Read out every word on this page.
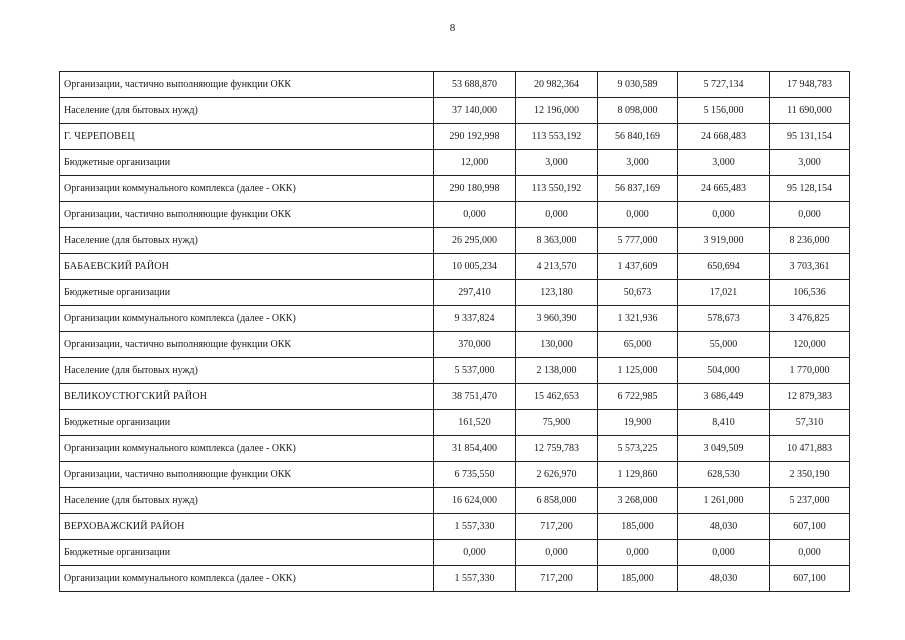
8
Организации, частично выполняющие функции ОКК	53 688,870	20 982,364	9 030,589	5 727,134	17 948,783
Население (для бытовых нужд)	37 140,000	12 196,000	8 098,000	5 156,000	11 690,000
Г. ЧЕРЕПОВЕЦ	290 192,998	113 553,192	56 840,169	24 668,483	95 131,154
Бюджетные организации	12,000	3,000	3,000	3,000	3,000
Организации коммунального комплекса (далее - ОКК)	290 180,998	113 550,192	56 837,169	24 665,483	95 128,154
Организации, частично выполняющие функции ОКК	0,000	0,000	0,000	0,000	0,000
Население (для бытовых нужд)	26 295,000	8 363,000	5 777,000	3 919,000	8 236,000
БАБАЕВСКИЙ РАЙОН	10 005,234	4 213,570	1 437,609	650,694	3 703,361
Бюджетные организации	297,410	123,180	50,673	17,021	106,536
Организации коммунального комплекса (далее - ОКК)	9 337,824	3 960,390	1 321,936	578,673	3 476,825
Организации, частично выполняющие функции ОКК	370,000	130,000	65,000	55,000	120,000
Население (для бытовых нужд)	5 537,000	2 138,000	1 125,000	504,000	1 770,000
ВЕЛИКОУСТЮГСКИЙ РАЙОН	38 751,470	15 462,653	6 722,985	3 686,449	12 879,383
Бюджетные организации	161,520	75,900	19,900	8,410	57,310
Организации коммунального комплекса (далее - ОКК)	31 854,400	12 759,783	5 573,225	3 049,509	10 471,883
Организации, частично выполняющие функции ОКК	6 735,550	2 626,970	1 129,860	628,530	2 350,190
Население (для бытовых нужд)	16 624,000	6 858,000	3 268,000	1 261,000	5 237,000
ВЕРХОВАЖСКИЙ РАЙОН	1 557,330	717,200	185,000	48,030	607,100
Бюджетные организации	0,000	0,000	0,000	0,000	0,000
Организации коммунального комплекса (далее - ОКК)	1 557,330	717,200	185,000	48,030	607,100
